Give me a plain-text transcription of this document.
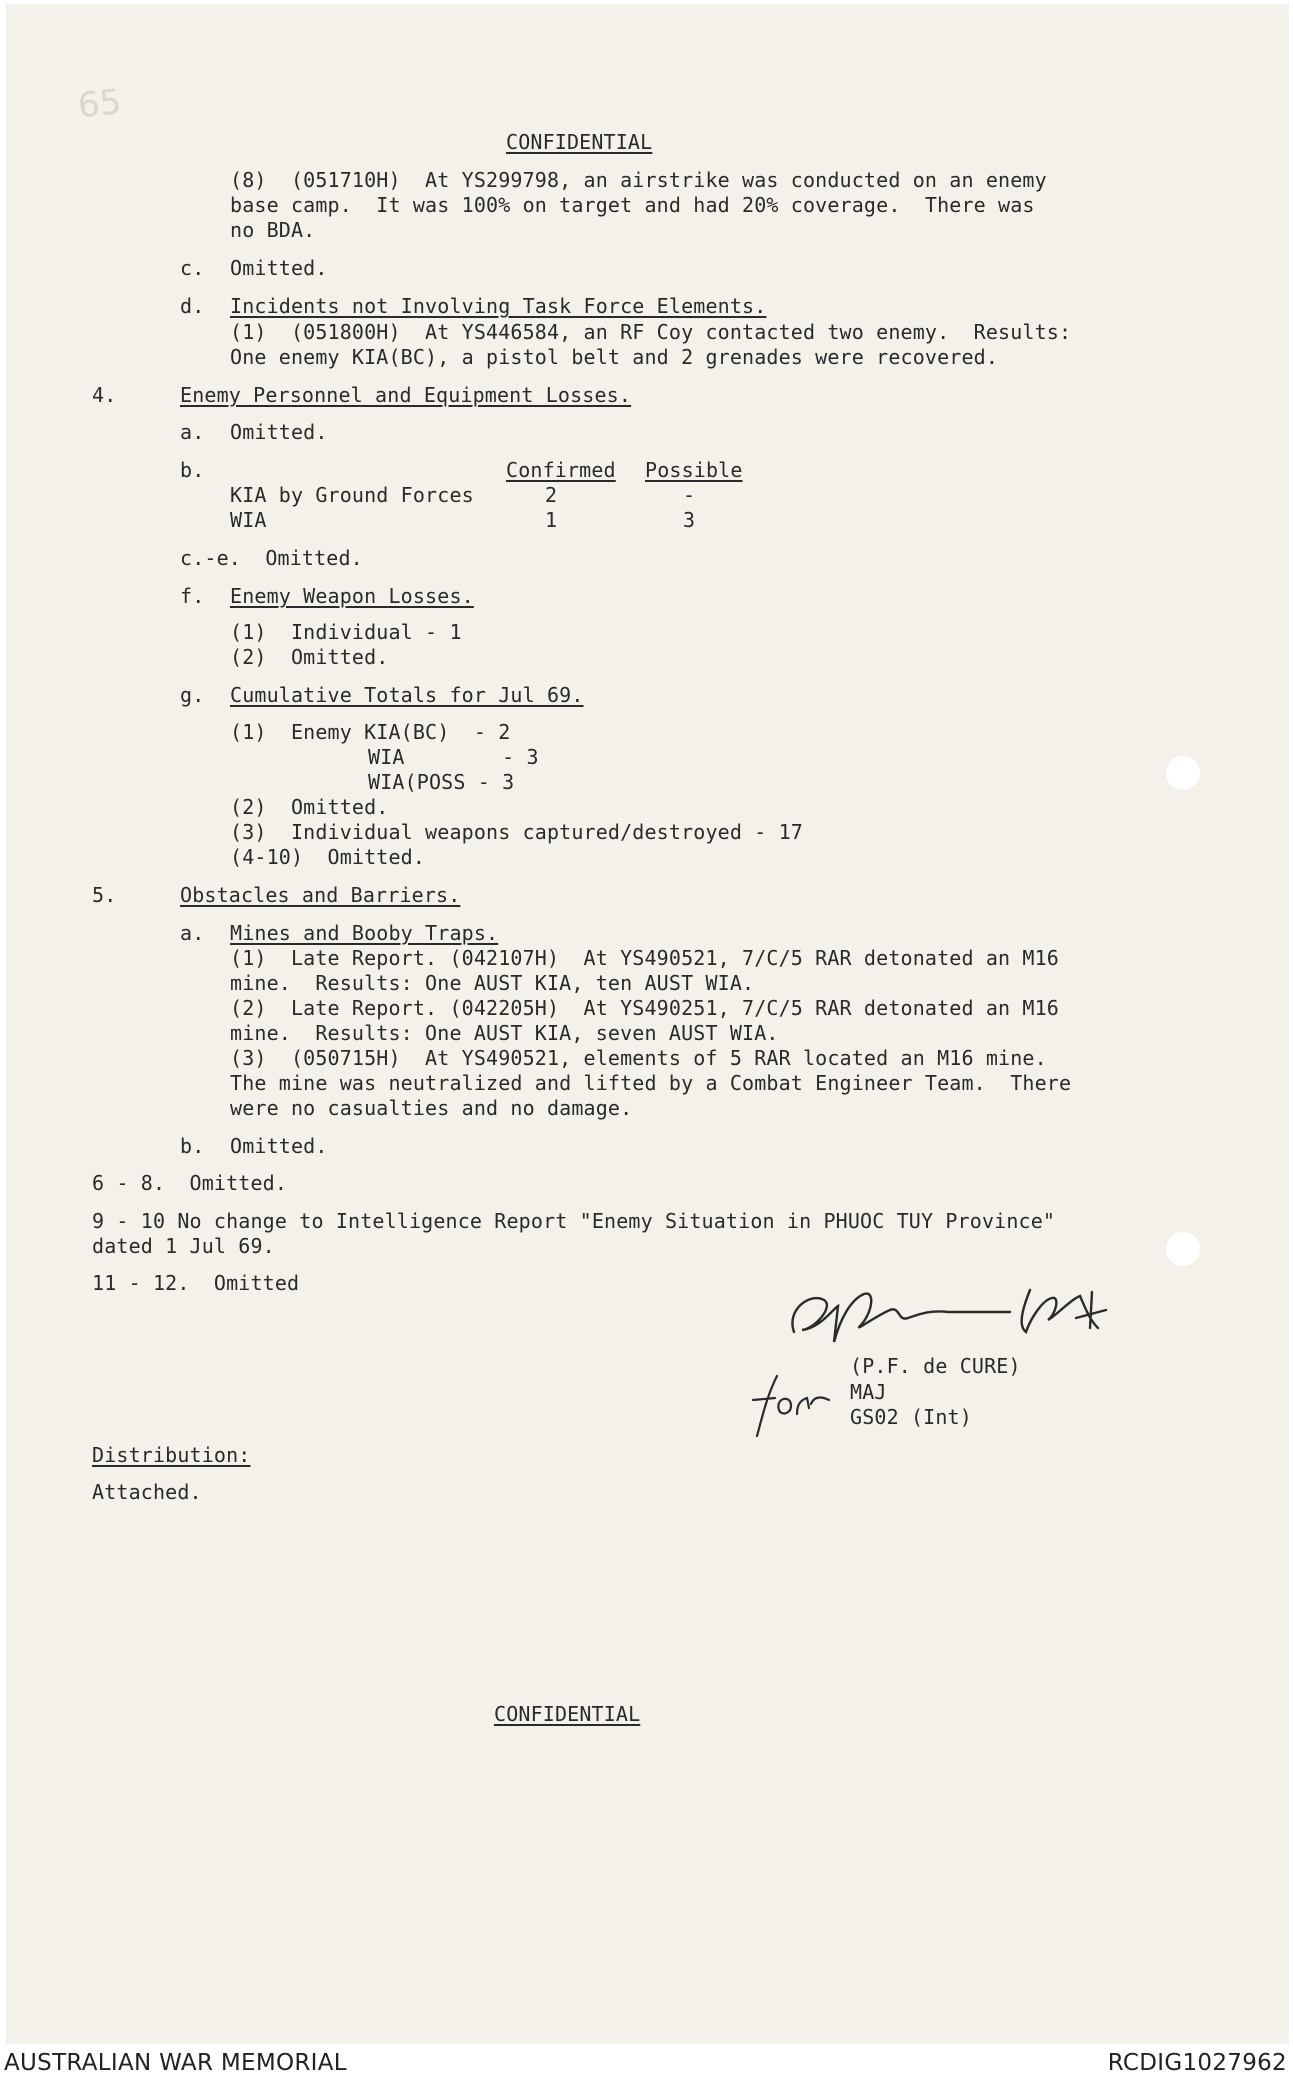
65
CONFIDENTIAL
(8)  (051710H)  At YS299798, an airstrike was conducted on an enemy
base camp.  It was 100% on target and had 20% coverage.  There was
no BDA.
c. Omitted.
d. Incidents not Involving Task Force Elements.
(1)  (051800H)  At YS446584, an RF Coy contacted two enemy.  Results:
One enemy KIA(BC), a pistol belt and 2 grenades were recovered.
4.	Enemy Personnel and Equipment Losses.
a. Omitted.
b.	Confirmed Possible
KIA by Ground Forces	2	-
WIA	1	3
c.-e.  Omitted.
f. Enemy Weapon Losses.
(1)  Individual - 1
(2)  Omitted.
g. Cumulative Totals for Jul 69.
(1)  Enemy KIA(BC)  - 2
WIA        - 3
WIA(POSS - 3
(2)  Omitted.
(3)  Individual weapons captured/destroyed - 17
(4-10)  Omitted.
5.	Obstacles and Barriers.
a. Mines and Booby Traps.
(1)  Late Report. (042107H)  At YS490521, 7/C/5 RAR detonated an M16
mine.  Results: One AUST KIA, ten AUST WIA.
(2)  Late Report. (042205H)  At YS490251, 7/C/5 RAR detonated an M16
mine.  Results: One AUST KIA, seven AUST WIA.
(3)  (050715H)  At YS490521, elements of 5 RAR located an M16 mine.
The mine was neutralized and lifted by a Combat Engineer Team.  There
were no casualties and no damage.
b. Omitted.
6 - 8.  Omitted.
9 - 10 No change to Intelligence Report "Enemy Situation in PHUOC TUY Province"
dated 1 Jul 69.
11 - 12.  Omitted
(P.F. de CURE)
MAJ
GS02 (Int)
Distribution:
Attached.
CONFIDENTIAL
AUSTRALIAN WAR MEMORIAL	RCDIG1027962
